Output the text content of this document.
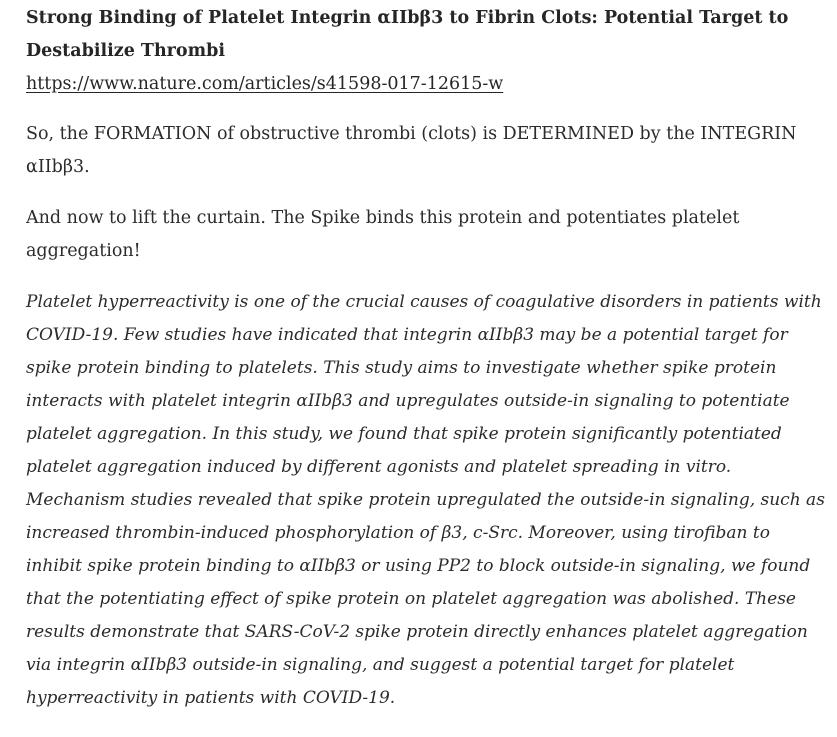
Strong Binding of Platelet Integrin αIIbβ3 to Fibrin Clots: Potential Target to Destabilize Thrombi

https://www.nature.com/articles/s41598-017-12615-w

So, the FORMATION of obstructive thrombi (clots) is DETERMINED by the INTEGRIN αIIbβ3.

And now to lift the curtain. The Spike binds this protein and potentiates platelet aggregation!

Platelet hyperreactivity is one of the crucial causes of coagulative disorders in patients with COVID-19. Few studies have indicated that integrin αIIbβ3 may be a potential target for spike protein binding to platelets. This study aims to investigate whether spike protein interacts with platelet integrin αIIbβ3 and upregulates outside-in signaling to potentiate platelet aggregation. In this study, we found that spike protein significantly potentiated platelet aggregation induced by different agonists and platelet spreading in vitro. Mechanism studies revealed that spike protein upregulated the outside-in signaling, such as increased thrombin-induced phosphorylation of β3, c-Src. Moreover, using tirofiban to inhibit spike protein binding to αIIbβ3 or using PP2 to block outside-in signaling, we found that the potentiating effect of spike protein on platelet aggregation was abolished. These results demonstrate that SARS-CoV-2 spike protein directly enhances platelet aggregation via integrin αIIbβ3 outside-in signaling, and suggest a potential target for platelet hyperreactivity in patients with COVID-19.
